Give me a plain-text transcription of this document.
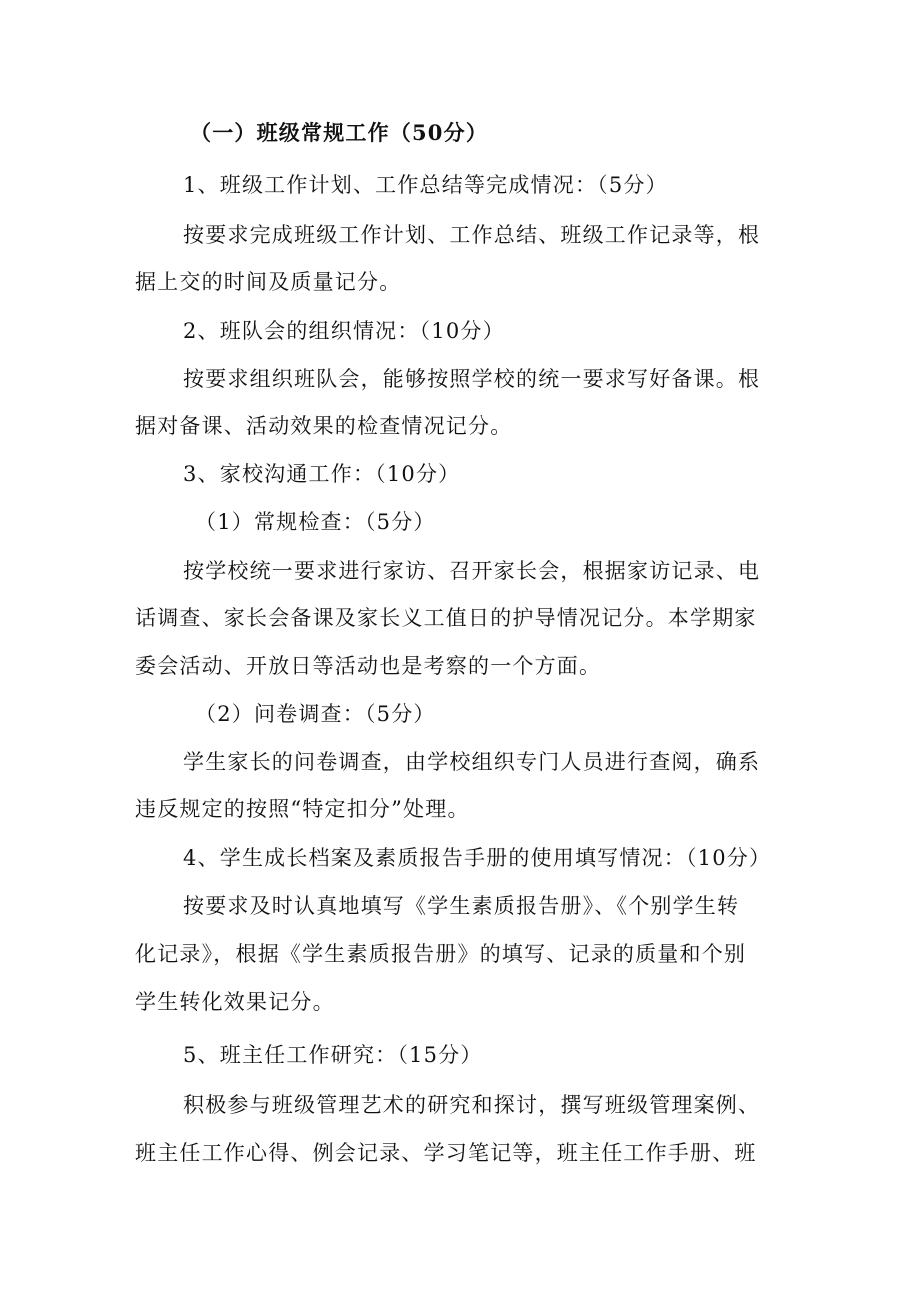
（一）班级常规工作（50分）
1、班级工作计划、工作总结等完成情况：（5分）
按要求完成班级工作计划、工作总结、班级工作记录等，根
据上交的时间及质量记分。
2、班队会的组织情况：（10分）
按要求组织班队会，能够按照学校的统一要求写好备课。根
据对备课、活动效果的检查情况记分。
3、家校沟通工作：（10分）
（1）常规检查：（5分）
按学校统一要求进行家访、召开家长会，根据家访记录、电
话调查、家长会备课及家长义工值日的护导情况记分。本学期家
委会活动、开放日等活动也是考察的一个方面。
（2）问卷调查：（5分）
学生家长的问卷调查，由学校组织专门人员进行查阅，确系
违反规定的按照“特定扣分”处理。
4、学生成长档案及素质报告手册的使用填写情况：（10分）
按要求及时认真地填写《学生素质报告册》、《个别学生转
化记录》，根据《学生素质报告册》的填写、记录的质量和个别
学生转化效果记分。
5、班主任工作研究：（15分）
积极参与班级管理艺术的研究和探讨，撰写班级管理案例、
班主任工作心得、例会记录、学习笔记等，班主任工作手册、班
